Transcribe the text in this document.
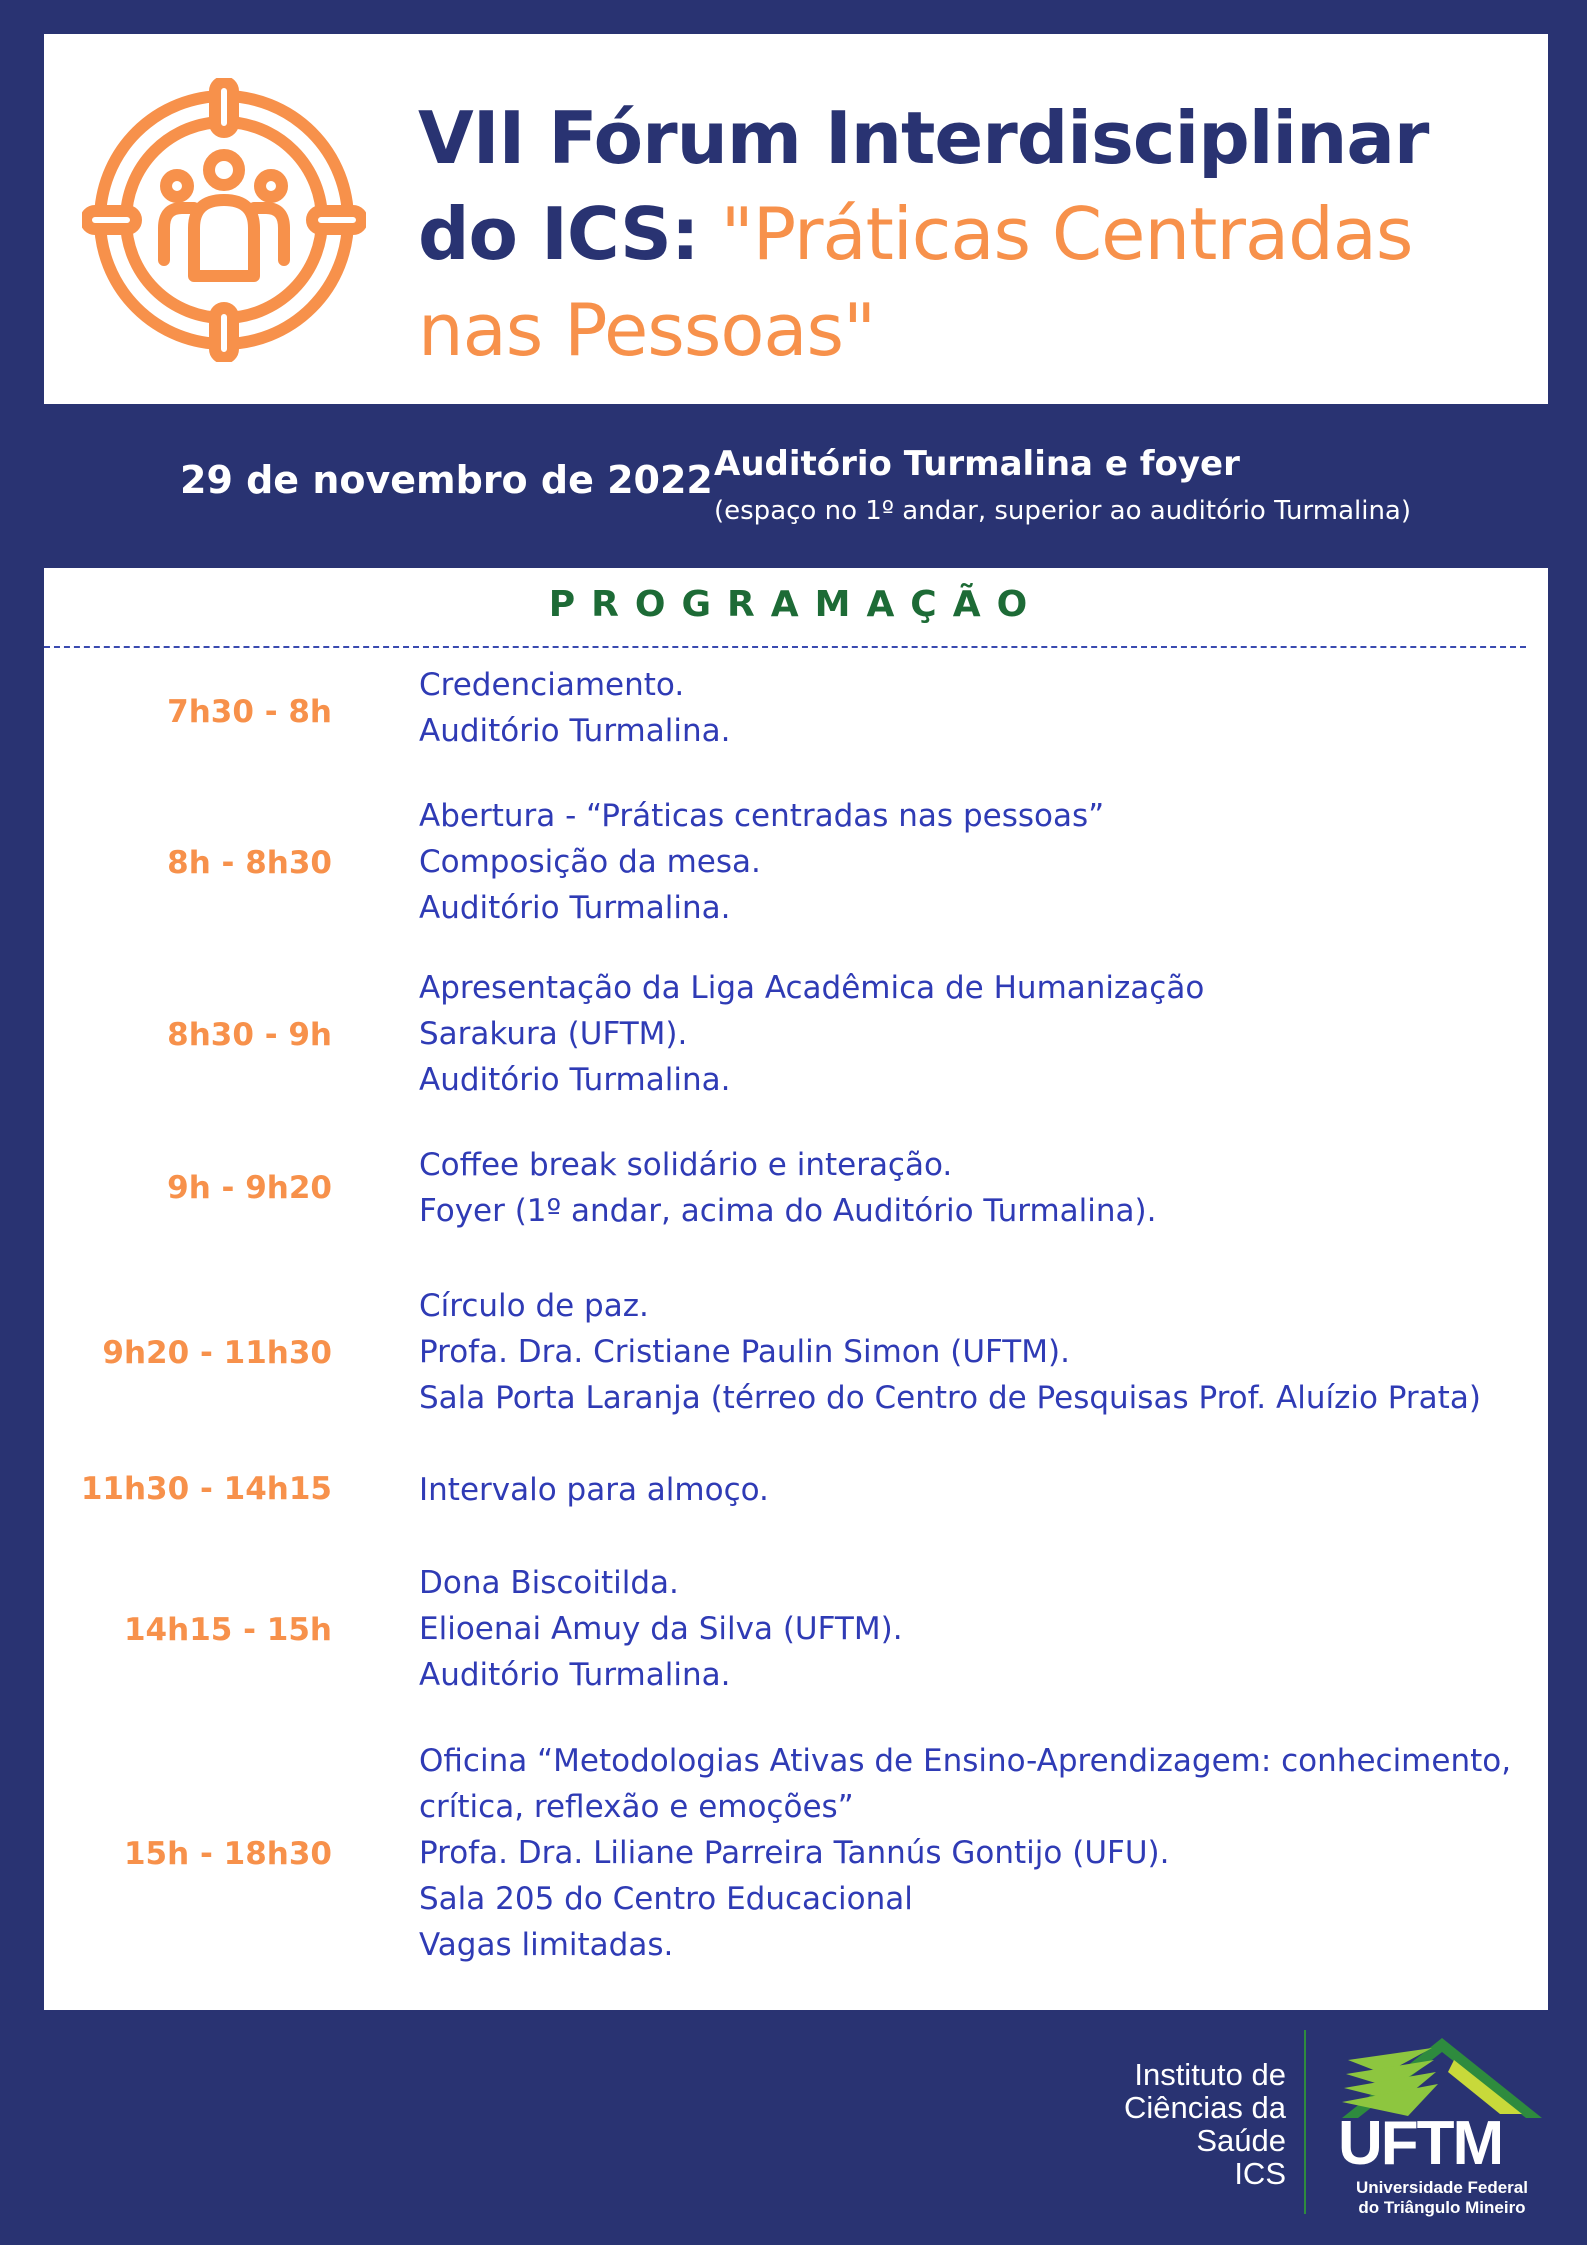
VII Fórum Interdisciplinar
do ICS: "Práticas Centradas
nas Pessoas"
29 de novembro de 2022 Auditório Turmalina e foyer
(espaço no 1º andar, superior ao auditório Turmalina)
PROGRAMAÇÃO
7h30 - 8h
Credenciamento.
Auditório Turmalina.
8h - 8h30
Abertura - “Práticas centradas nas pessoas”
Composição da mesa.
Auditório Turmalina.
8h30 - 9h
Apresentação da Liga Acadêmica de Humanização
Sarakura (UFTM).
Auditório Turmalina.
9h - 9h20
Coffee break solidário e interação.
Foyer (1º andar, acima do Auditório Turmalina).
9h20 - 11h30
Círculo de paz.
Profa. Dra. Cristiane Paulin Simon (UFTM).
Sala Porta Laranja (térreo do Centro de Pesquisas Prof. Aluízio Prata)
11h30 - 14h15	Intervalo para almoço.
14h15 - 15h
Dona Biscoitilda.
Elioenai Amuy da Silva (UFTM).
Auditório Turmalina.
15h - 18h30
Oficina “Metodologias Ativas de Ensino-Aprendizagem: conhecimento,
crítica, reflexão e emoções”
Profa. Dra. Liliane Parreira Tannús Gontijo (UFU).
Sala 205 do Centro Educacional
Vagas limitadas.
Instituto de
Ciências da
Saúde
ICS UFTM
Universidade Federal
do Triângulo Mineiro
